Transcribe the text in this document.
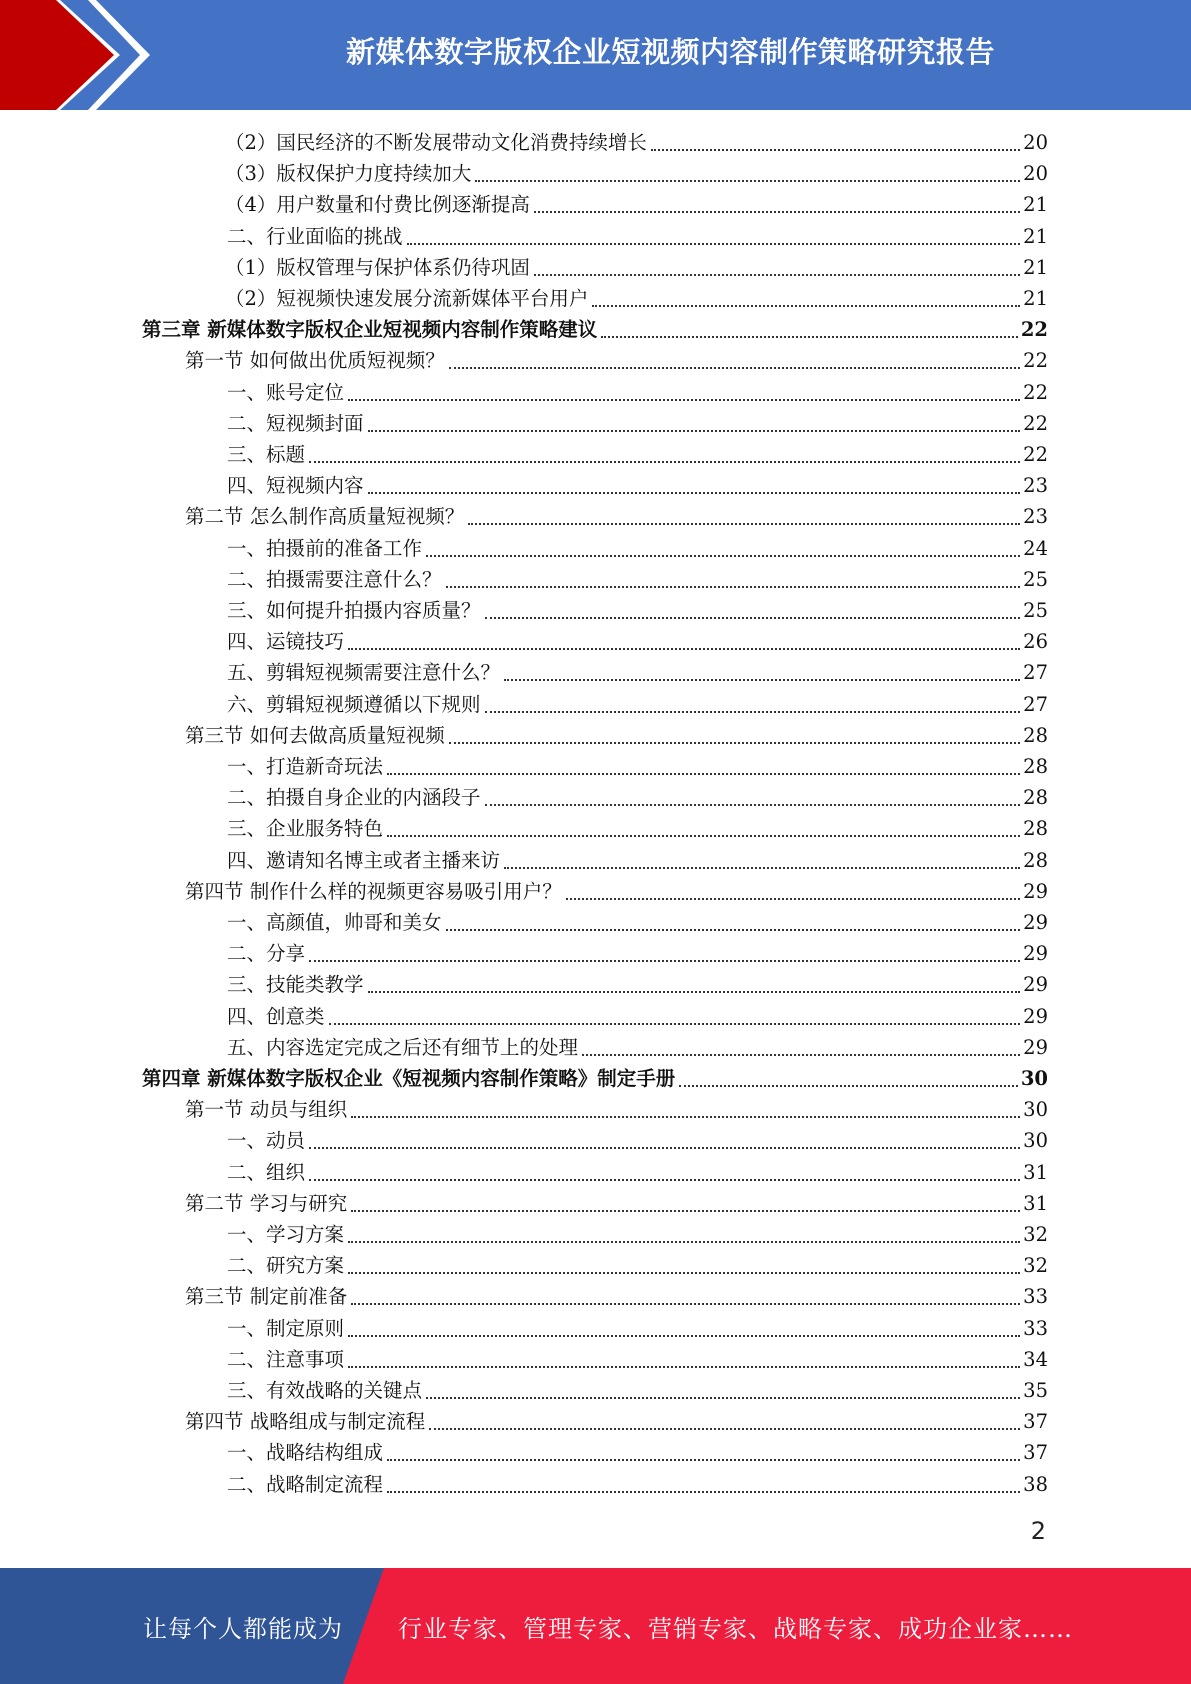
新媒体数字版权企业短视频内容制作策略研究报告
（2）国民经济的不断发展带动文化消费持续增长	20
（3）版权保护力度持续加大	20
（4）用户数量和付费比例逐渐提高	21
二、行业面临的挑战	21
（1）版权管理与保护体系仍待巩固	21
（2）短视频快速发展分流新媒体平台用户	21
第三章 新媒体数字版权企业短视频内容制作策略建议	22
第一节 如何做出优质短视频？	22
一、账号定位	22
二、短视频封面	22
三、标题	22
四、短视频内容	23
第二节 怎么制作高质量短视频？	23
一、拍摄前的准备工作	24
二、拍摄需要注意什么？	25
三、如何提升拍摄内容质量？	25
四、运镜技巧	26
五、剪辑短视频需要注意什么？	27
六、剪辑短视频遵循以下规则	27
第三节 如何去做高质量短视频	28
一、打造新奇玩法	28
二、拍摄自身企业的内涵段子	28
三、企业服务特色	28
四、邀请知名博主或者主播来访	28
第四节 制作什么样的视频更容易吸引用户？	29
一、高颜值，帅哥和美女	29
二、分享	29
三、技能类教学	29
四、创意类	29
五、内容选定完成之后还有细节上的处理	29
第四章 新媒体数字版权企业《短视频内容制作策略》制定手册	30
第一节 动员与组织	30
一、动员	30
二、组织	31
第二节 学习与研究	31
一、学习方案	32
二、研究方案	32
第三节 制定前准备	33
一、制定原则	33
二、注意事项	34
三、有效战略的关键点	35
第四节 战略组成与制定流程	37
一、战略结构组成	37
二、战略制定流程	38
2
让每个人都能成为 行业专家、管理专家、营销专家、战略专家、成功企业家……
